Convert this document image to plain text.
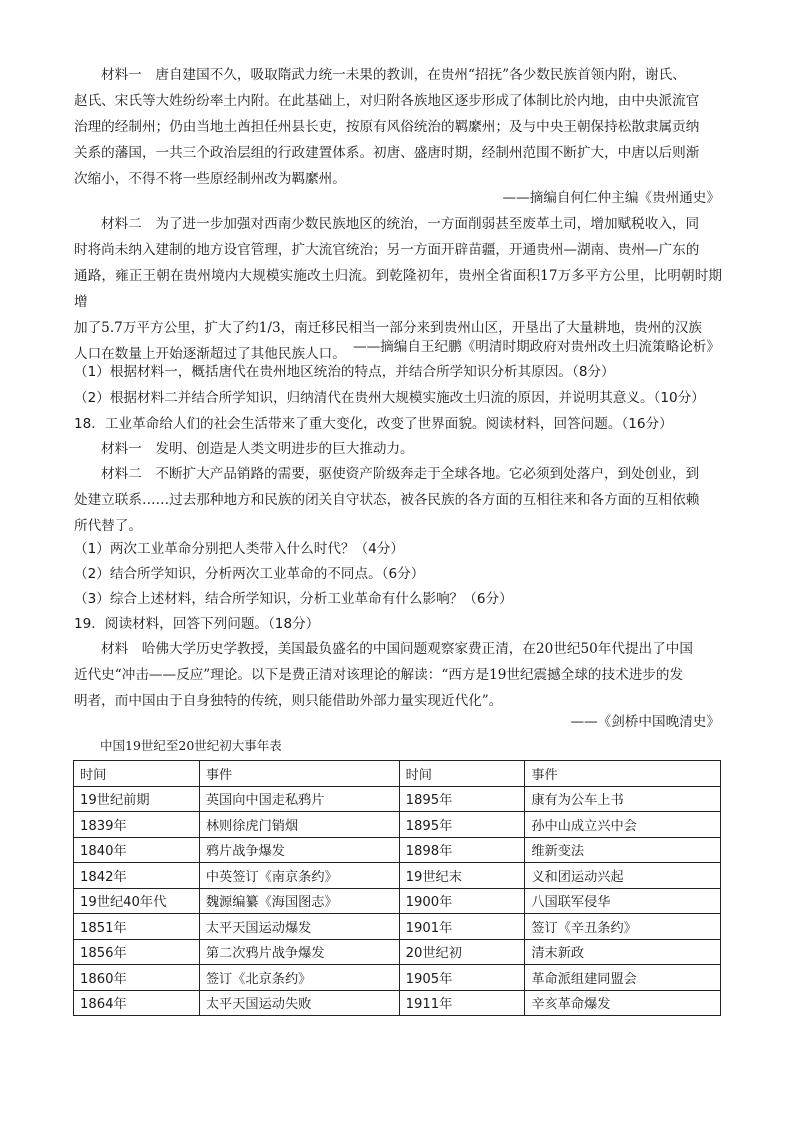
材料一　唐自建国不久，吸取隋武力统一未果的教训，在贵州“招抚”各少数民族首领内附，谢氏、
赵氏、宋氏等大姓纷纷率土内附。在此基础上，对归附各族地区逐步形成了体制比於内地，由中央派流官
治理的经制州；仍由当地土酋担任州县长吏，按原有风俗统治的羁縻州；及与中央王朝保持松散隶属贡纳
关系的藩国，一共三个政治层组的行政建置体系。初唐、盛唐时期，经制州范围不断扩大，中唐以后则渐
次缩小，不得不将一些原经制州改为羁縻州。
——摘编自何仁仲主编《贵州通史》
材料二　为了进一步加强对西南少数民族地区的统治，一方面削弱甚至废革土司，增加赋税收入，同
时将尚未纳入建制的地方设官管理，扩大流官统治；另一方面开辟苗疆，开通贵州—湖南、贵州—广东的
通路，雍正王朝在贵州境内大规模实施改土归流。到乾隆初年，贵州全省面积17万多平方公里，比明朝时期增
加了5.7万平方公里，扩大了约1/3，南迁移民相当一部分来到贵州山区，开垦出了大量耕地，贵州的汉族
人口在数量上开始逐渐超过了其他民族人口。 ——摘编自王纪鹏《明清时期政府对贵州改土归流策略论析》
（1）根据材料一，概括唐代在贵州地区统治的特点，并结合所学知识分析其原因。（8分）
（2）根据材料二并结合所学知识，归纳清代在贵州大规模实施改土归流的原因，并说明其意义。（10分）
18．工业革命给人们的社会生活带来了重大变化，改变了世界面貌。阅读材料，回答问题。（16分）
材料一　发明、创造是人类文明进步的巨大推动力。
材料二　不断扩大产品销路的需要，驱使资产阶级奔走于全球各地。它必须到处落户，到处创业，到
处建立联系……过去那种地方和民族的闭关自守状态，被各民族的各方面的互相往来和各方面的互相依赖
所代替了。
（1）两次工业革命分别把人类带入什么时代？（4分）
（2）结合所学知识，分析两次工业革命的不同点。（6分）
（3）综合上述材料，结合所学知识，分析工业革命有什么影响？（6分）
19．阅读材料，回答下列问题。（18分）
材料　哈佛大学历史学教授，美国最负盛名的中国问题观察家费正清，在20世纪50年代提出了中国
近代史“冲击——反应”理论。以下是费正清对该理论的解读：“西方是19世纪震撼全球的技术进步的发
明者，而中国由于自身独特的传统，则只能借助外部力量实现近代化”。
——《剑桥中国晚清史》
中国19世纪至20世纪初大事年表
时间	事件	时间	事件
19世纪前期	英国向中国走私鸦片	1895年	康有为公车上书
1839年	林则徐虎门销烟	1895年	孙中山成立兴中会
1840年	鸦片战争爆发	1898年	维新变法
1842年	中英签订《南京条约》	19世纪末	义和团运动兴起
19世纪40年代	魏源编纂《海国图志》	1900年	八国联军侵华
1851年	太平天国运动爆发	1901年	签订《辛丑条约》
1856年	第二次鸦片战争爆发	20世纪初	清末新政
1860年	签订《北京条约》	1905年	革命派组建同盟会
1864年	太平天国运动失败	1911年	辛亥革命爆发
